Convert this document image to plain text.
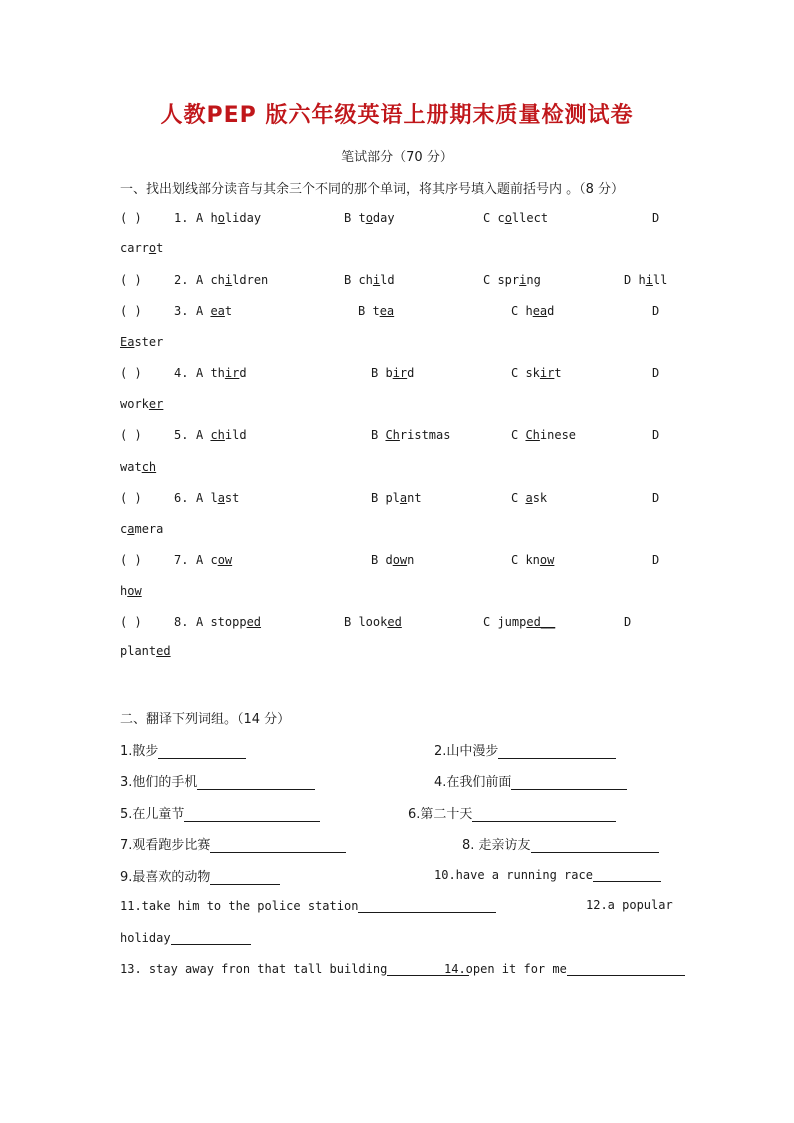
人教PEP 版六年级英语上册期末质量检测试卷
笔试部分（70 分）
一、找出划线部分读音与其余三个不同的那个单词，将其序号填入题前括号内 。（8 分）
( )	1. A holiday	B today	C collect	D
carrot
( )	2. A children	B child	C spring	D hill
( )	3. A eat	B tea	C head	D
Easter
( )	4. A third	B bird	C skirt	D
worker
( )	5. A child	B Christmas	C Chinese	D
watch
( )	6. A last	B plant	C ask	D
camera
( )	7. A cow	B down	C know	D
how
( )	8. A stopped	B looked	C jumped__	D
planted
二、翻译下列词组。（14 分）
1.散步	2.山中漫步
3.他们的手机	4.在我们前面
5.在儿童节	6.第二十天
7.观看跑步比赛	8. 走亲访友
9.最喜欢的动物	10.have a running race
11.take him to the police station	12.a popular
holiday
13. stay away fron that tall building	14.open it for me
